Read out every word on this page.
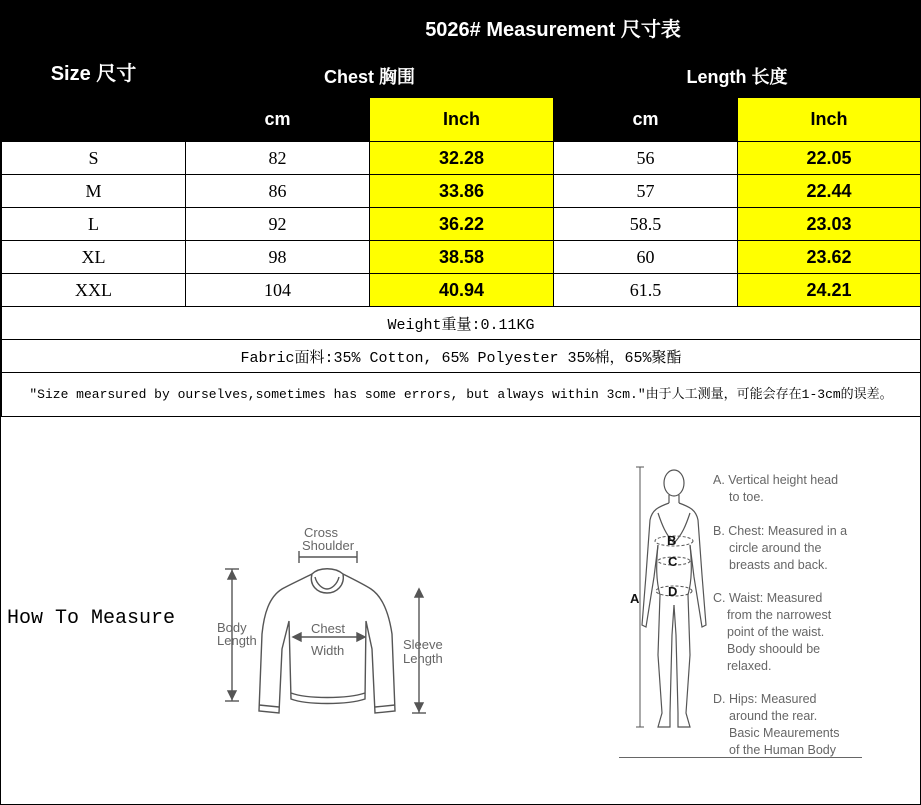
Size 尺寸	5026# Measurement 尺寸表			
	Chest 胸围		Length 长度	
	cm	Inch	cm	Inch
S	82	32.28	56	22.05
M	86	33.86	57	22.44
L	92	36.22	58.5	23.03
XL	98	38.58	60	23.62
XXL	104	40.94	61.5	24.21
Weight重量:0.11KG				
Fabric面料:35% Cotton, 65% Polyester 35%棉，65%聚酯				
"Size mearsured by ourselves,sometimes has some errors, but always within 3cm."由于人工测量，可能会存在1-3cm的误差。				
How To Measure
Cross
Shoulder
Body
Length
Chest
Width	Sleeve
Length
B
C
D
A
A. Vertical height head
to toe.
B. Chest: Measured in a
circle around the
breasts and back.
C. Waist: Measured
from the narrowest
point of the waist.
Body shoould be
relaxed.
D. Hips: Measured
around the rear.
Basic Meaurements
of the Human Body
